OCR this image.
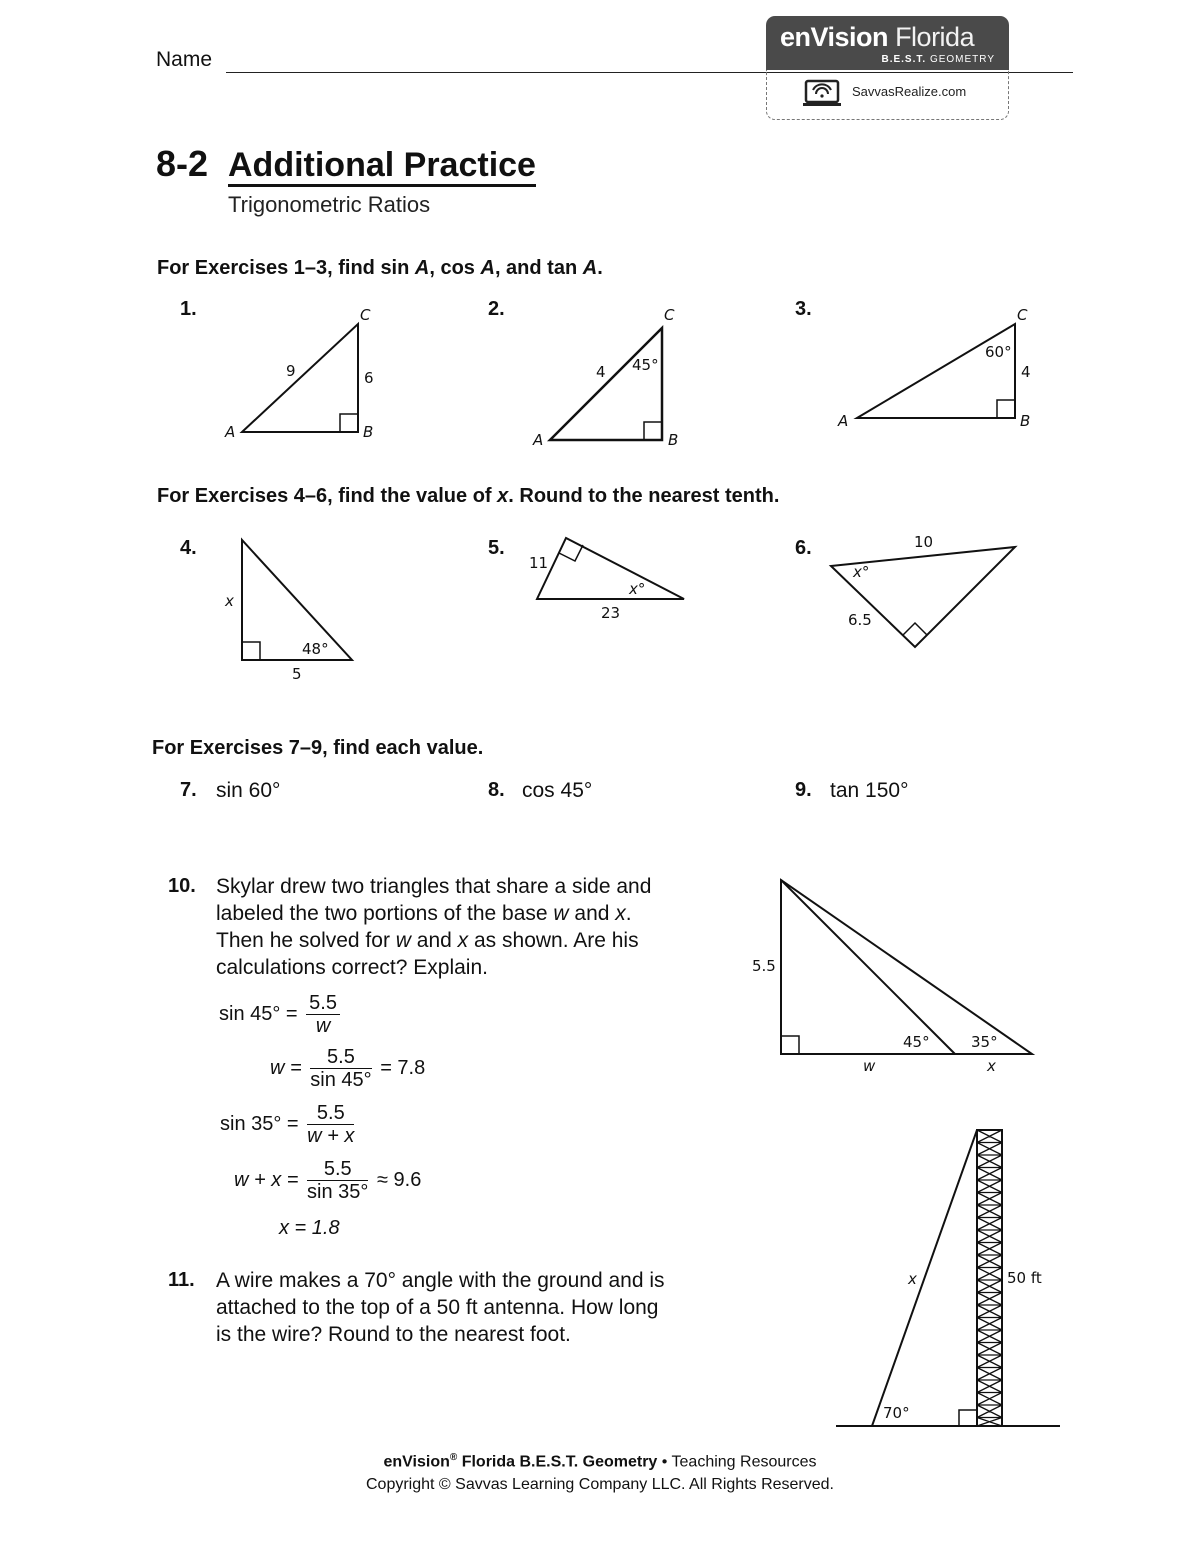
Name
enVision Florida
B.E.S.T. GEOMETRY
SavvasRealize.com
8-2 Additional Practice
Trigonometric Ratios
For Exercises 1–3, find sin A, cos A, and tan A.
1.	C
A	B
9	6
2.	C
A	B
4 45°
3.	C
A	B
4
60°
For Exercises 4–6, find the value of x. Round to the nearest tenth.
4.
x
48°
5
5.
11
x°
23
6.	10
x°
6.5
For Exercises 7–9, find each value.
7. sin 60°	8. cos 45°	9. tan 150°
10. Skylar drew two triangles that share a side and
labeled the two portions of the base w and x.
Then he solved for w and x as shown. Are his
calculations correct? Explain.
$\sin 45^\circ = \frac{5.5}{w}$
$w = \frac{5.5}{\sin 45^\circ} = 7.8$
$\sin 35^\circ = \frac{5.5}{w + x}$
$w + x = \frac{5.5}{\sin 35^\circ} \approx 9.6$
x = 1.8
5.5
45°	35°
w	x
11. A wire makes a 70° angle with the ground and is
attached to the top of a 50 ft antenna. How long
is the wire? Round to the nearest foot.
x	50 ft
70°
enVision® Florida B.E.S.T. Geometry • Teaching Resources
Copyright © Savvas Learning Company LLC. All Rights Reserved.
